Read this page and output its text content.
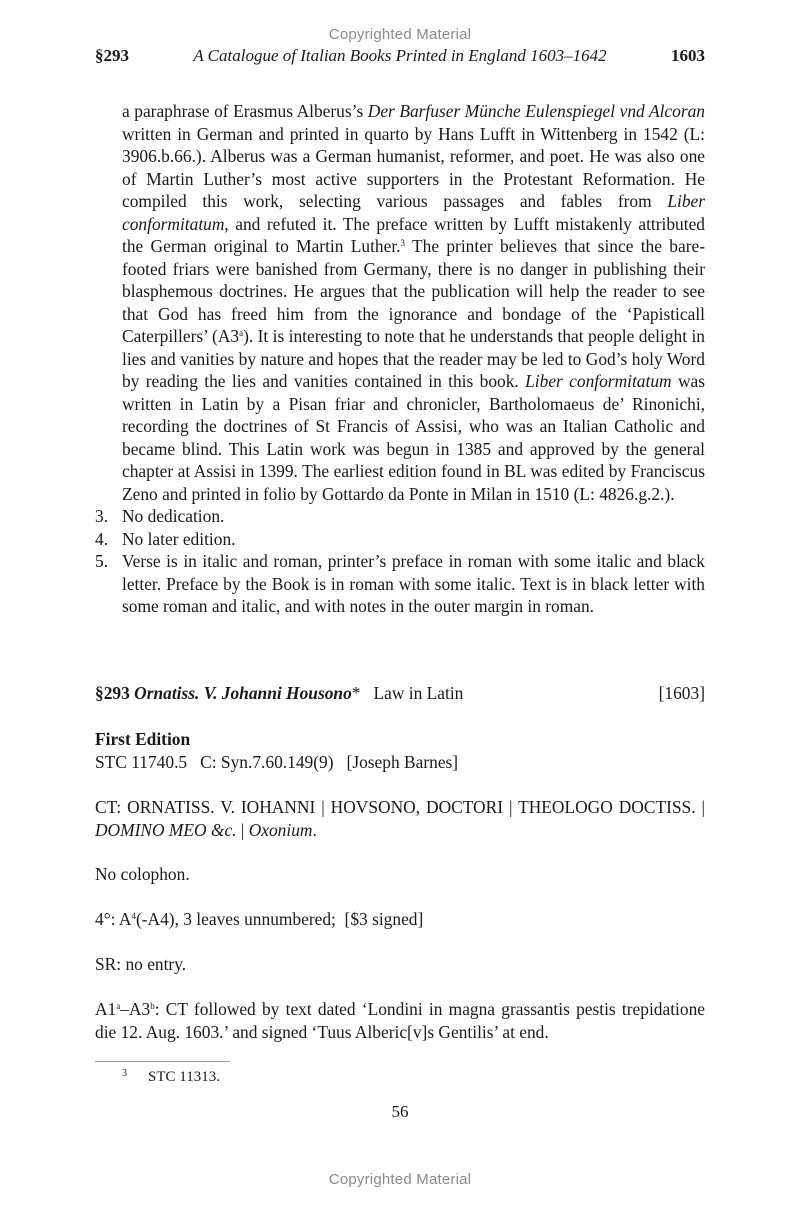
Copyrighted Material
§293	A Catalogue of Italian Books Printed in England 1603–1642	1603
a paraphrase of Erasmus Alberus’s Der Barfuser Münche Eulenspiegel vnd Alcoran written in German and printed in quarto by Hans Lufft in Wittenberg in 1542 (L: 3906.b.66.). Alberus was a German humanist, reformer, and poet. He was also one of Martin Luther’s most active supporters in the Protestant Reformation. He compiled this work, selecting various passages and fables from Liber conformitatum, and refuted it. The preface written by Lufft mistakenly attributed the German original to Martin Luther.$^3$ The printer believes that since the bare-footed friars were banished from Germany, there is no danger in publishing their blasphemous doctrines. He argues that the publication will help the reader to see that God has freed him from the ignorance and bondage of the ‘Papisticall Caterpillers’ (A3$^a$). It is interesting to note that he understands that people delight in lies and vanities by nature and hopes that the reader may be led to God’s holy Word by reading the lies and vanities contained in this book. Liber conformitatum was written in Latin by a Pisan friar and chronicler, Bartholomaeus de’ Rinonichi, recording the doctrines of St Francis of Assisi, who was an Italian Catholic and became blind. This Latin work was begun in 1385 and approved by the general chapter at Assisi in 1399. The earliest edition found in BL was edited by Franciscus Zeno and printed in folio by Gottardo da Ponte in Milan in 1510 (L: 4826.g.2.).
3. No dedication.
4. No later edition.
5. Verse is in italic and roman, printer’s preface in roman with some italic and black letter. Preface by the Book is in roman with some italic. Text is in black letter with some roman and italic, and with notes in the outer margin in roman.
§293 Ornatiss. V. Johanni Housono* Law in Latin	[1603]
First Edition
STC 11740.5   C: Syn.7.60.149(9)   [Joseph Barnes]
CT: ORNATISS. V. IOHANNI | HOVSONO, DOCTORI | THEOLOGO DOCTISS. | DOMINO MEO &c. | Oxonium.
No colophon.
4°: $A^4(-A4)$, 3 leaves unnumbered;  [$3 signed]
SR: no entry.
A1$^a$–A3$^b$: CT followed by text dated ‘Londini in magna grassantis pestis trepidatione die 12. Aug. 1603.’ and signed ‘Tuus Alberic[v]s Gentilis’ at end.
3 STC 11313.
56
Copyrighted Material
